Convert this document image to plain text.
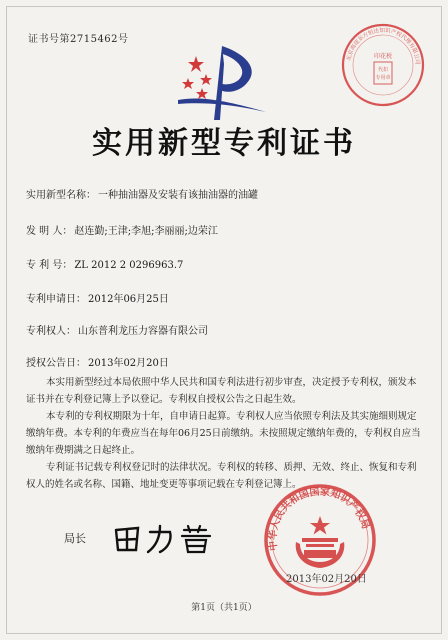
证书号第2715462号
印花税
代扣
专用章
北京海淀东方恒达知识产权代理有限公司
实用新型专利证书
实用新型名称： 一种抽油器及安装有该抽油器的油罐
发 明 人： 赵连勤;王津;李旭;李丽丽;边荣江
专 利 号： ZL 2012 2 0296963.7
专利申请日： 2012年06月25日
专利权人： 山东普利龙压力容器有限公司
授权公告日： 2013年02月20日

本实用新型经过本局依照中华人民共和国专利法进行初步审查，决定授予专利权，颁发本证书并在专利登记簿上予以登记。专利权自授权公告之日起生效。

本专利的专利权期限为十年，自申请日起算。专利权人应当依照专利法及其实施细则规定缴纳年费。本专利的年费应当在每年06月25日前缴纳。未按照规定缴纳年费的，专利权自应当缴纳年费期满之日起终止。

专利证书记载专利权登记时的法律状况。专利权的转移、质押、无效、终止、恢复和专利权人的姓名或名称、国籍、地址变更等事项记载在专利登记簿上。

局长
中华人民共和国国家知识产权局
2013年02月20日
第1页（共1页）
